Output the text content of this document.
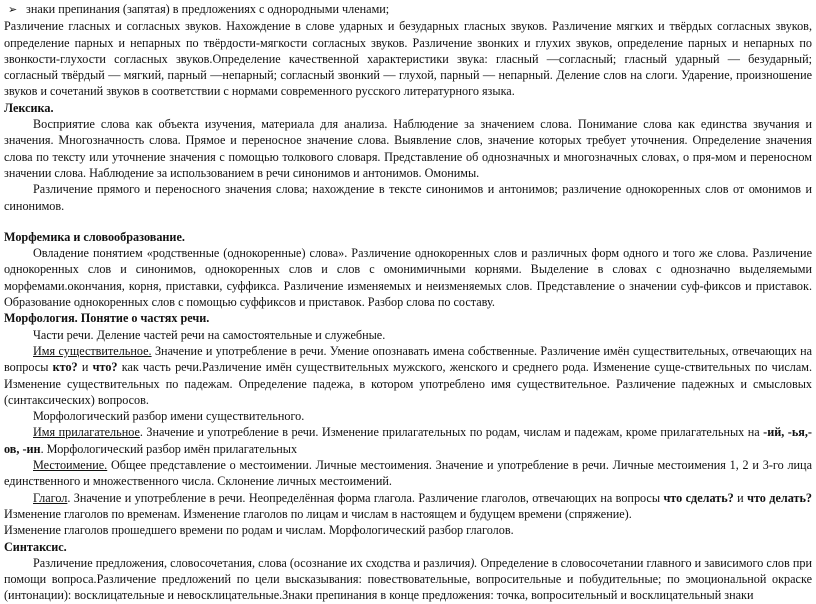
➢ знаки препинания (запятая) в предложениях с однородными членами;

Различение гласных и согласных звуков. Нахождение в слове ударных и безударных гласных звуков. Различение мягких и твёрдых согласных звуков, определение парных и непарных по твёрдости-мягкости согласных звуков. Различение звонких и глухих звуков, определение парных и непарных по звонкости-глухости согласных звуков.Определение качественной характеристики звука: гласный —согласный; гласный ударный — безударный; согласный твёрдый — мягкий, парный —непарный; согласный звонкий — глухой, парный — непарный. Деление слов на слоги. Ударение, произношение звуков и сочетаний звуков в соответствии с нормами современного русского литературного языка.

Лексика.

Восприятие слова как объекта изучения, материала для анализа. Наблюдение за значением слова. Понимание слова как единства звучания и значения. Многозначность слова. Прямое и переносное значение слова. Выявление слов, значение которых требует уточнения. Определение значения слова по тексту или уточнение значения с помощью толкового словаря. Представление об однозначных и многозначных словах, о пря-мом и переносном значении слова. Наблюдение за использованием в речи синонимов и антонимов. Омонимы.

Различение прямого и переносного значения слова; нахождение в тексте синонимов и антонимов; различение однокоренных слов от омонимов и синонимов.

Морфемика и словообразование.

Овладение понятием «родственные (однокоренные) слова». Различение однокоренных слов и различных форм одного и того же слова. Различение однокоренных слов и синонимов, однокоренных слов и слов с омонимичными корнями. Выделение в словах с однозначно выделяемыми морфемами.окончания, корня, приставки, суффикса. Различение изменяемых и неизменяемых слов. Представление о значении суф-фиксов и приставок. Образование однокоренных слов с помощью суффиксов и приставок. Разбор слова по составу.

Морфология. Понятие о частях речи.

Части речи. Деление частей речи на самостоятельные и служебные.

Имя существительное. Значение и употребление в речи. Умение опознавать имена собственные. Различение имён существительных, отвечающих на вопросы кто? и что? как часть речи.Различение имён существительных мужского, женского и среднего рода. Изменение суще-ствительных по числам. Изменение существительных по падежам. Определение падежа, в котором употреблено имя существительное. Различение падежных и смысловых (синтаксических) вопросов.

Морфологический разбор имени существительного.

Имя прилагательное. Значение и употребление в речи. Изменение прилагательных по родам, числам и падежам, кроме прилагательных на -ий, -ья,-ов, -ин. Морфологический разбор имён прилагательных

Местоимение. Общее представление о местоимении. Личные местоимения. Значение и употребление в речи. Личные местоимения 1, 2 и 3-го лица единственного и множественного числа. Склонение личных местоимений.

Глагол. Значение и употребление в речи. Неопределённая форма глагола. Различение глаголов, отвечающих на вопросы что сделать? и что делать? Изменение глаголов по временам. Изменение глаголов по лицам и числам в настоящем и будущем времени (спряжение).

Изменение глаголов прошедшего времени по родам и числам. Морфологический разбор глаголов.

Синтаксис.

Различение предложения, словосочетания, слова (осознание их сходства и различия). Определение в словосочетании главного и зависимого слов при помощи вопроса.Различение предложений по цели высказывания: повествовательные, вопросительные и побудительные; по эмоциональной окраске (интонации): восклицательные и невосклицательные.Знаки препинания в конце предложения: точка, вопросительный и восклицательный знаки
